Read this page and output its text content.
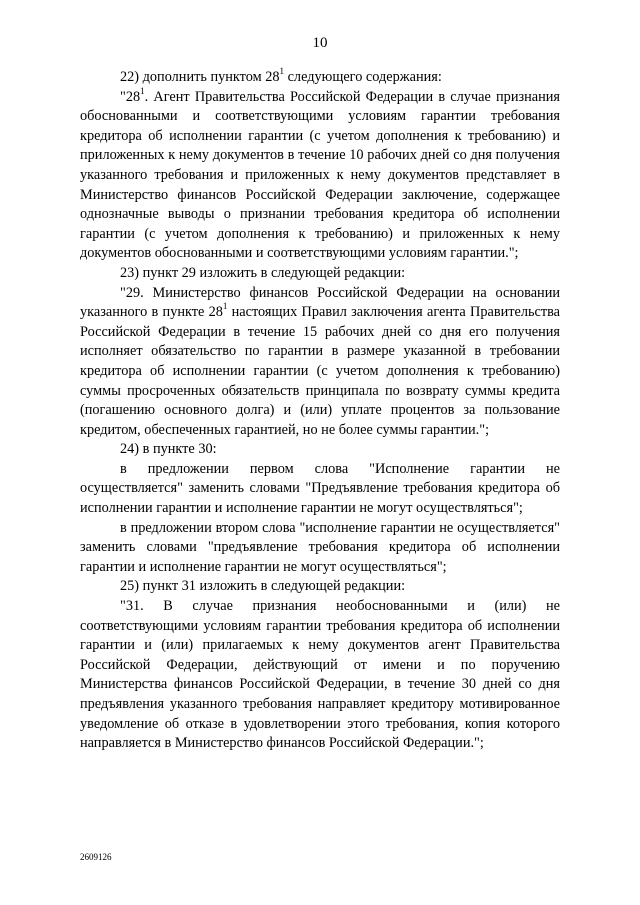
10

22) дополнить пунктом $28^1$ следующего содержания:

"$28^1$. Агент Правительства Российской Федерации в случае признания обоснованными и соответствующими условиям гарантии требования кредитора об исполнении гарантии (с учетом дополнения к требованию) и приложенных к нему документов в течение 10 рабочих дней со дня получения указанного требования и приложенных к нему документов представляет в Министерство финансов Российской Федерации заключение, содержащее однозначные выводы о признании требования кредитора об исполнении гарантии (с учетом дополнения к требованию) и приложенных к нему документов обоснованными и соответствующими условиям гарантии.";

23) пункт 29 изложить в следующей редакции:

"29. Министерство финансов Российской Федерации на основании указанного в пункте $28^1$ настоящих Правил заключения агента Правительства Российской Федерации в течение 15 рабочих дней со дня его получения исполняет обязательство по гарантии в размере указанной в требовании кредитора об исполнении гарантии (с учетом дополнения к требованию) суммы просроченных обязательств принципала по возврату суммы кредита (погашению основного долга) и (или) уплате процентов за пользование кредитом, обеспеченных гарантией, но не более суммы гарантии.";

24) в пункте 30:

в предложении первом слова "Исполнение гарантии не осуществляется" заменить словами "Предъявление требования кредитора об исполнении гарантии и исполнение гарантии не могут осуществляться";

в предложении втором слова "исполнение гарантии не осуществляется" заменить словами "предъявление требования кредитора об исполнении гарантии и исполнение гарантии не могут осуществляться";

25) пункт 31 изложить в следующей редакции:

"31. В случае признания необоснованными и (или) не соответствующими условиям гарантии требования кредитора об исполнении гарантии и (или) прилагаемых к нему документов агент Правительства Российской Федерации, действующий от имени и по поручению Министерства финансов Российской Федерации, в течение 30 дней со дня предъявления указанного требования направляет кредитору мотивированное уведомление об отказе в удовлетворении этого требования, копия которого направляется в Министерство финансов Российской Федерации.";

2609126
